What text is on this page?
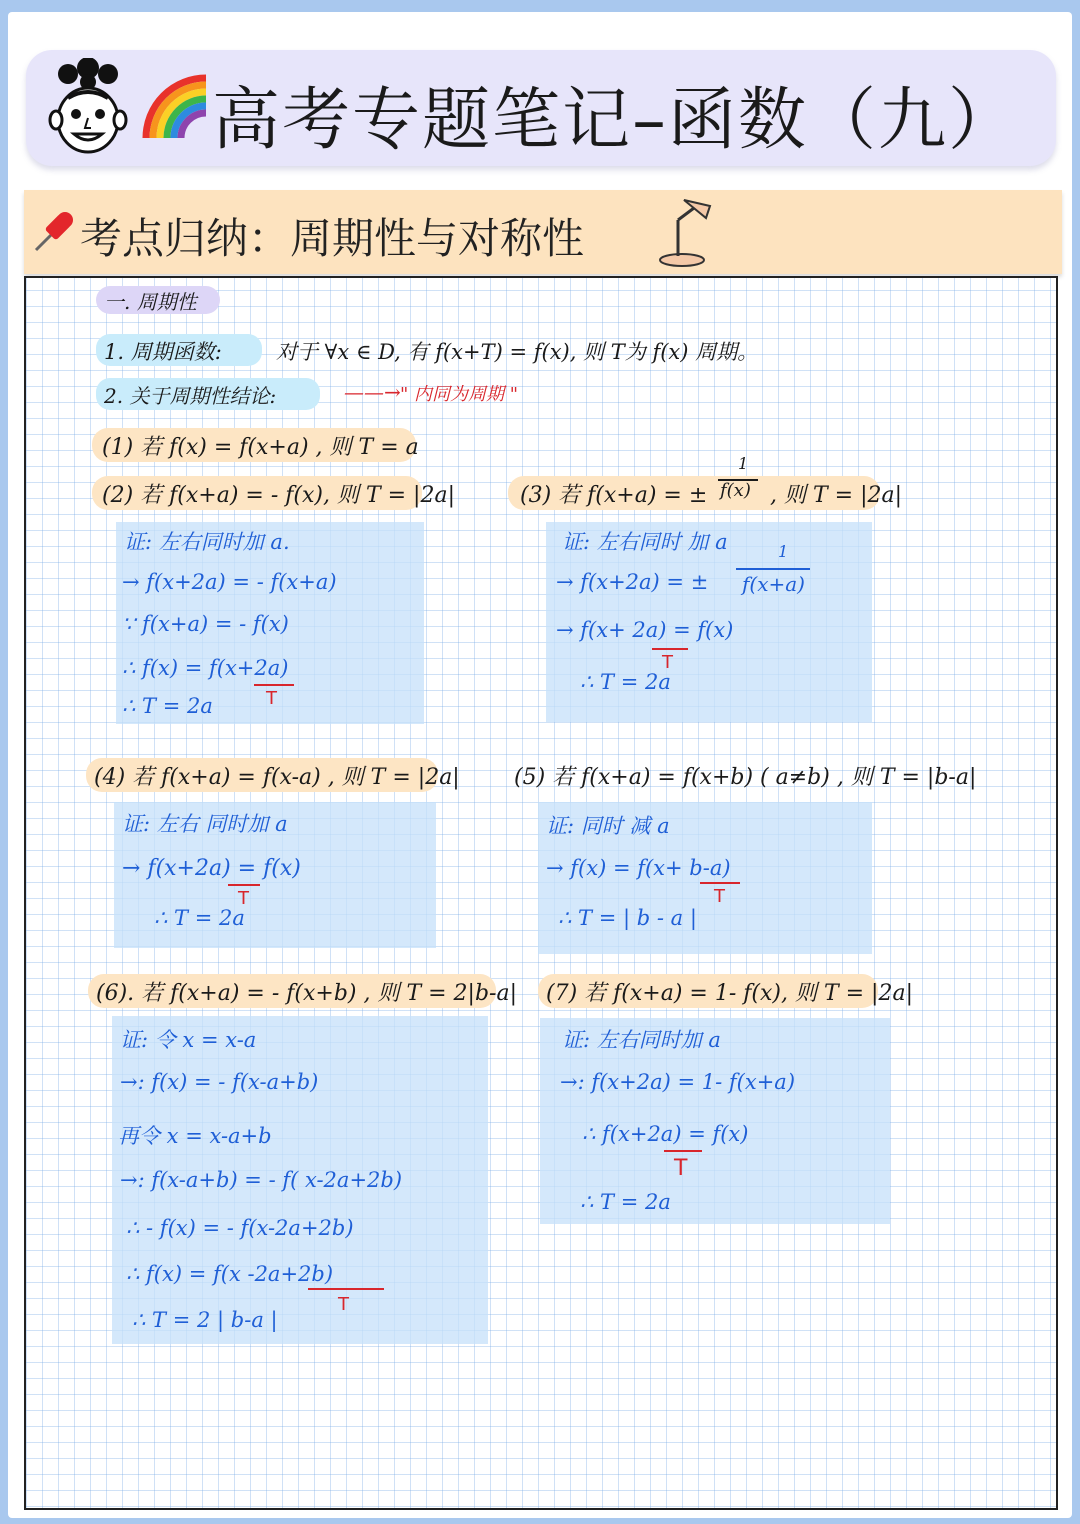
高考专题笔记–函数（九）
考点归纳：周期性与对称性
一. 周期性
1. 周期函数:	对于 ∀x ∈ D, 有 f(x+T) = f(x), 则 T为 f(x) 周期。
2. 关于周期性结论:	——→ " 内同为周期 "
(1) 若 f(x) = f(x+a) , 则 T = a
(2) 若 f(x+a) = - f(x), 则 T = |2a|	(3) 若 f(x+a) = ±
1
f(x) , 则 T = |2a|
证: 左右同时加 a.
→ f(x+2a) = - f(x+a)
∵ f(x+a) = - f(x)
∴ f(x) = f(x+2a)
T
∴ T = 2a
证: 左右同时 加 a
→ f(x+2a) = ±
1
f(x+a)
→ f(x+ 2a) = f(x)
T
∴ T = 2a
(4) 若 f(x+a) = f(x-a) , 则 T = |2a| (5) 若 f(x+a) = f(x+b) ( a≠b) , 则 T = |b-a|
证: 左右 同时加 a
→ f(x+2a) = f(x)
T
∴ T = 2a
证: 同时 减 a
→ f(x) = f(x+ b-a)
T
∴ T = | b - a |
(6). 若 f(x+a) = - f(x+b) , 则 T = 2|b-a| (7) 若 f(x+a) = 1- f(x), 则 T = |2a|
证: 令 x = x-a
→: f(x) = - f(x-a+b)
再令 x = x-a+b
→: f(x-a+b) = - f( x-2a+2b)
∴ - f(x) = - f(x-2a+2b)
∴ f(x) = f(x -2a+2b)
T
∴ T = 2 | b-a |
证: 左右同时加 a
→: f(x+2a) = 1- f(x+a)
∴ f(x+2a) = f(x)
T
∴ T = 2a
